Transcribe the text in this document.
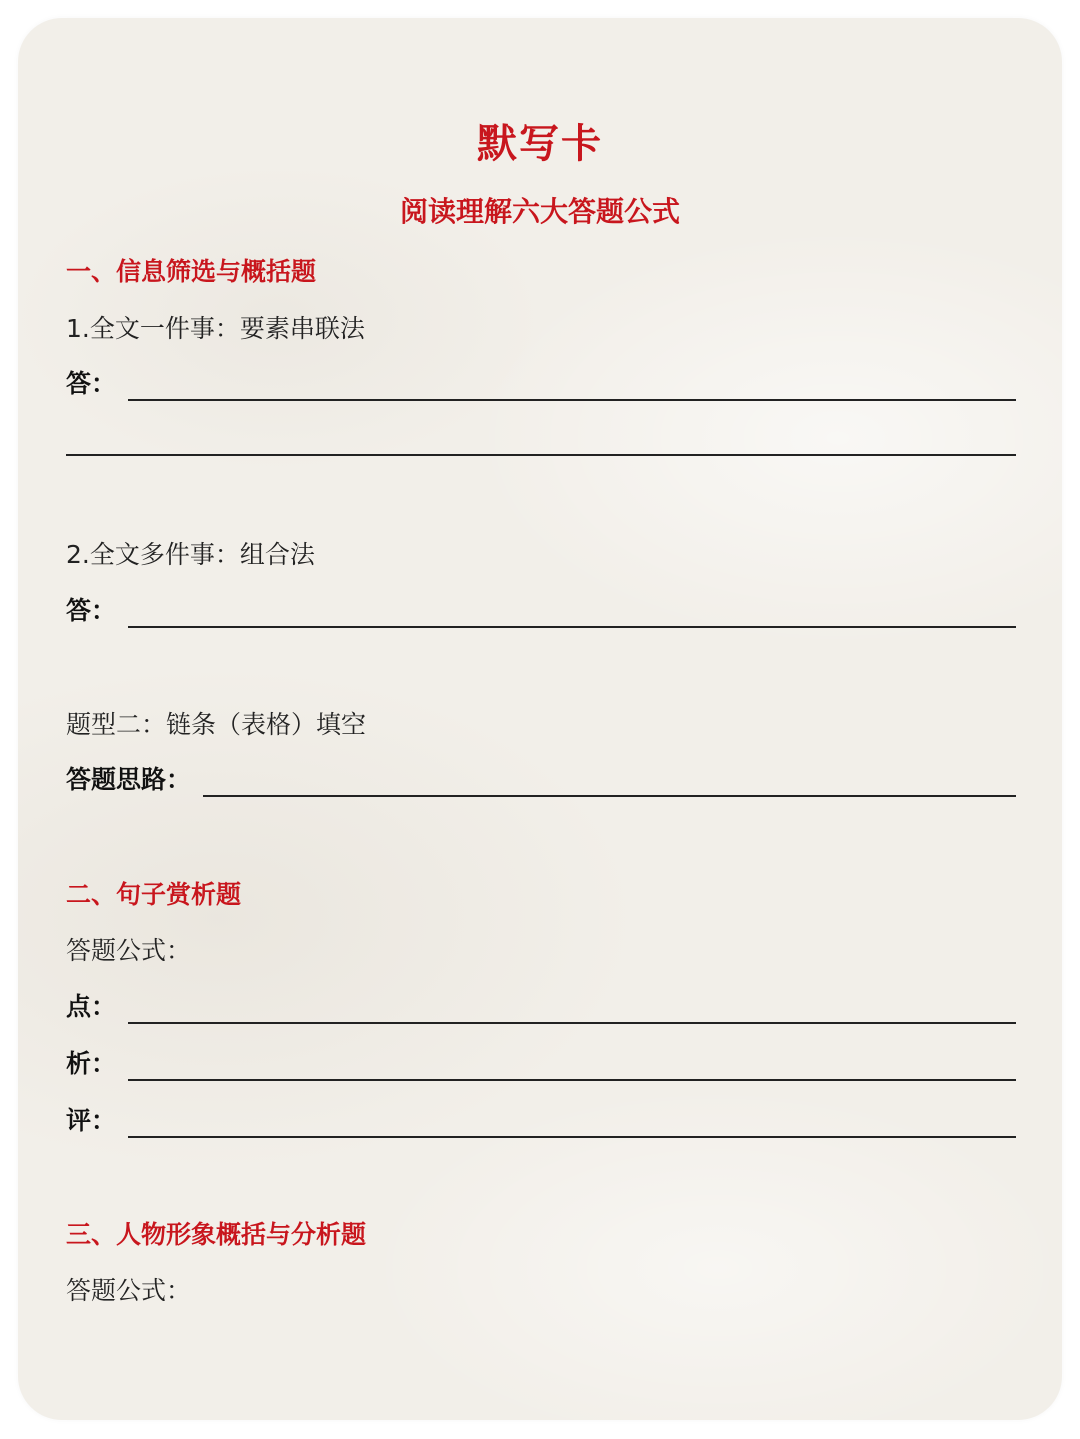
默写卡
阅读理解六大答题公式
一、信息筛选与概括题
1.全文一件事：要素串联法
答：
2.全文多件事：组合法
答：
题型二：链条（表格）填空
答题思路：
二、句子赏析题
答题公式：
点：
析：
评：
三、人物形象概括与分析题
答题公式：
